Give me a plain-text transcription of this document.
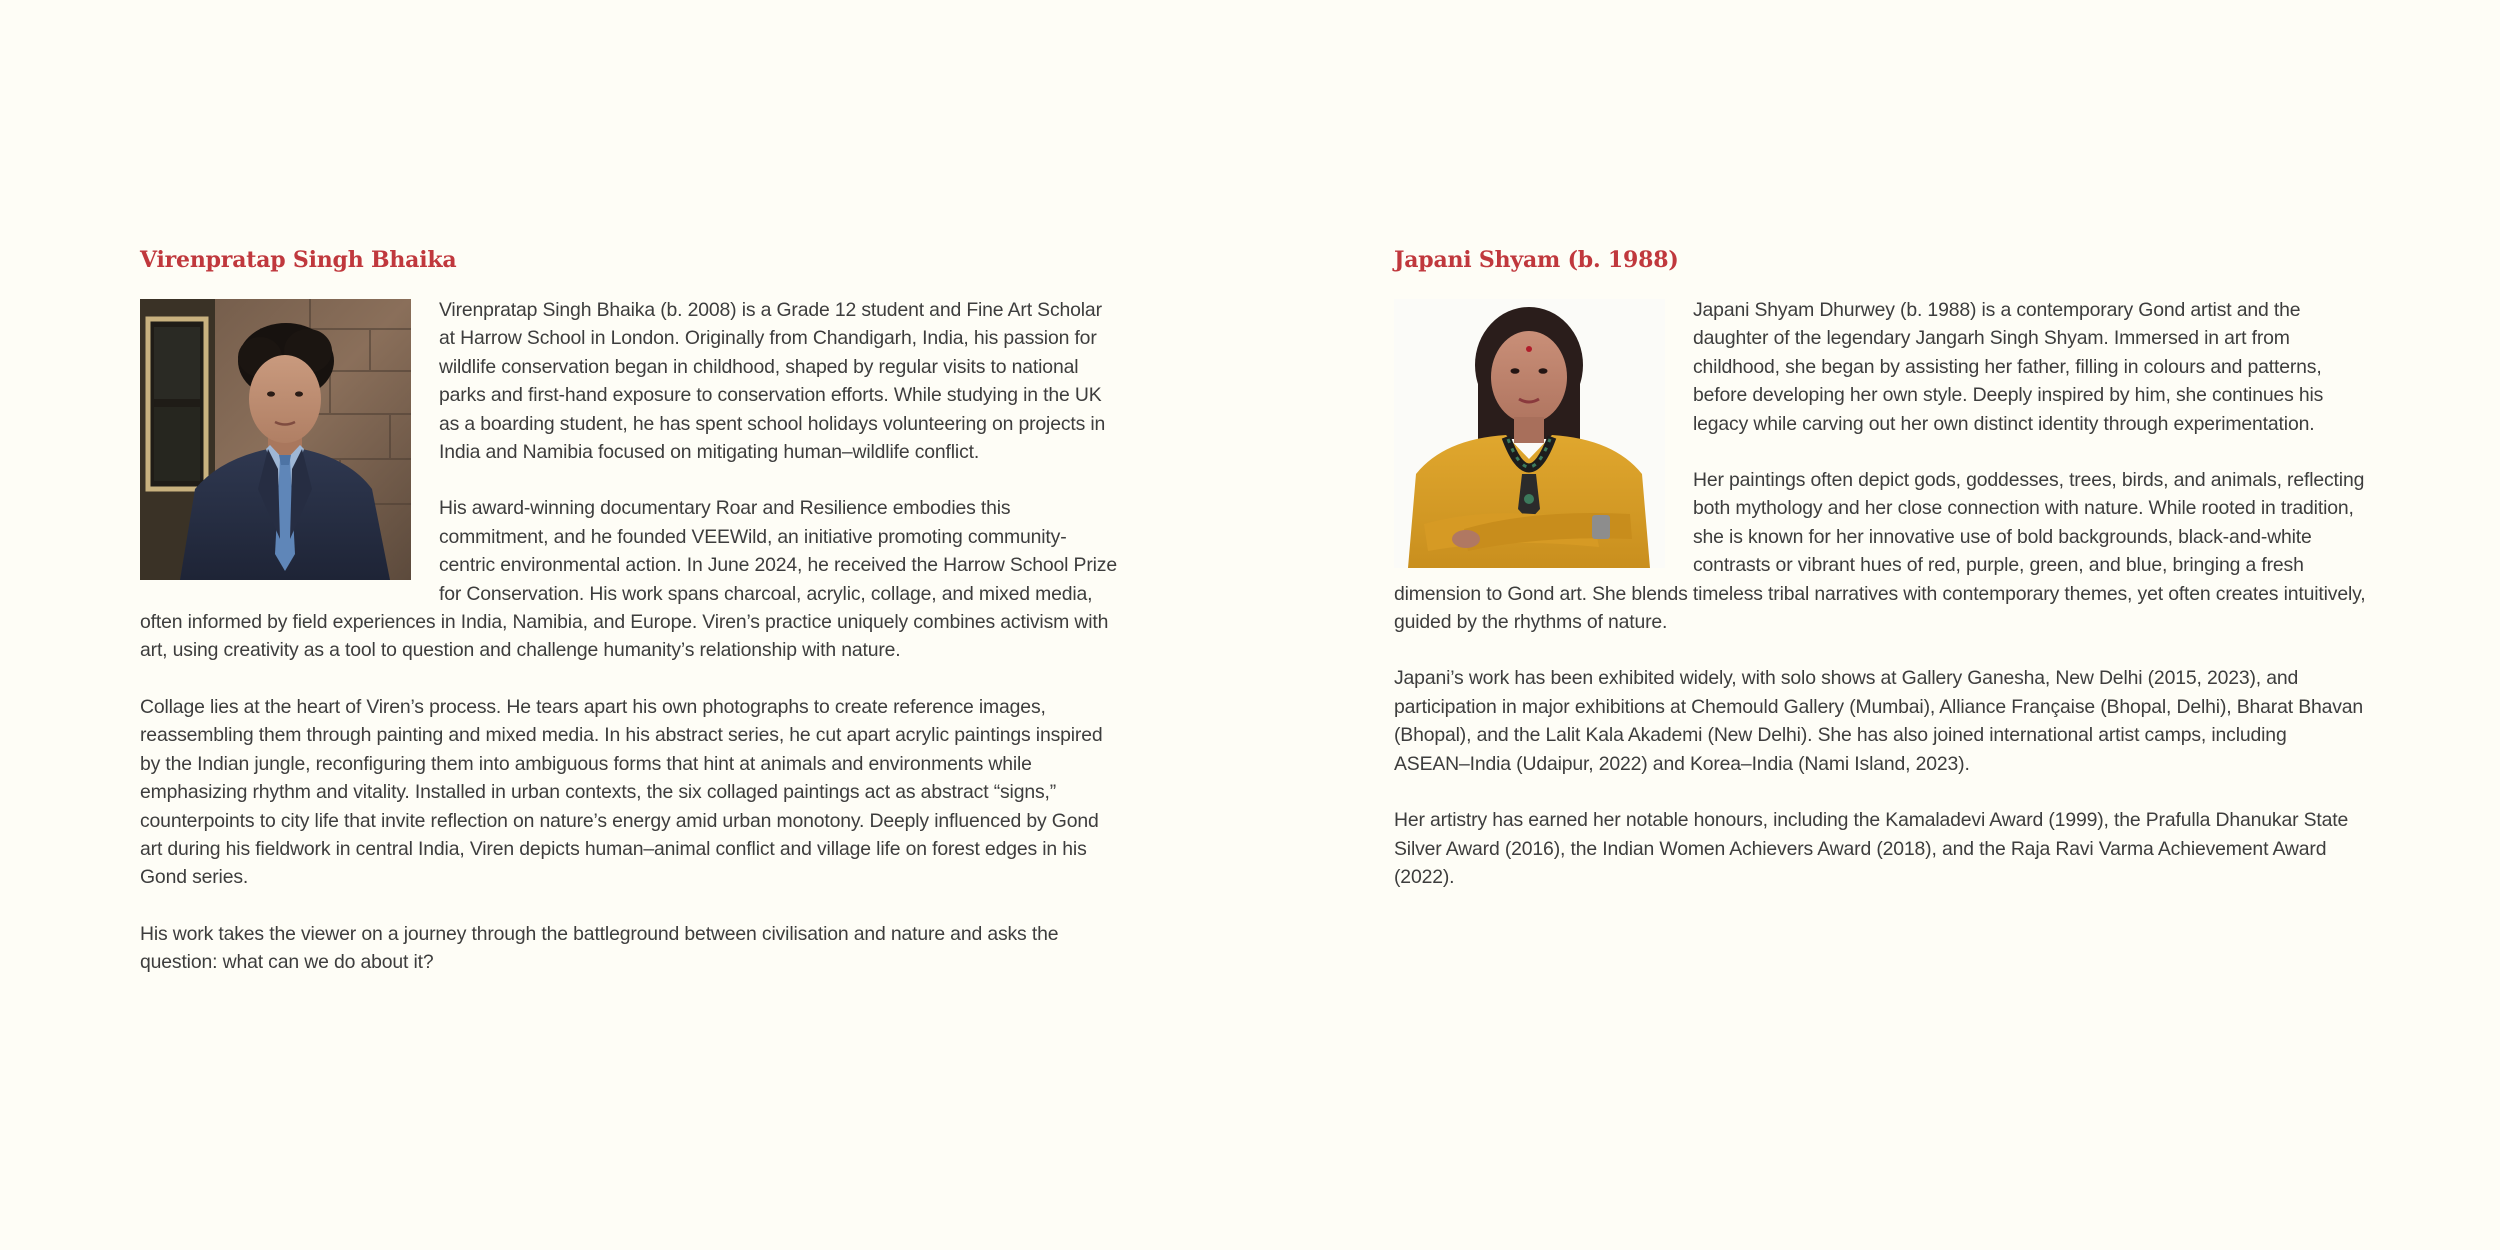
Virenpratap Singh Bhaika

Virenpratap Singh Bhaika (b. 2008) is a Grade 12 student and Fine Art Scholar at Harrow School in London. Originally from Chandigarh, India, his passion for wildlife conservation began in childhood, shaped by regular visits to national parks and first-hand exposure to conservation efforts. While studying in the UK as a boarding student, he has spent school holidays volunteering on projects in India and Namibia focused on mitigating human–wildlife conflict.

His award-winning documentary Roar and Resilience embodies this commitment, and he founded VEEWild, an initiative promoting community-centric environmental action. In June 2024, he received the Harrow School Prize for Conservation. His work spans charcoal, acrylic, collage, and mixed media, often informed by field experiences in India, Namibia, and Europe. Viren’s practice uniquely combines activism with art, using creativity as a tool to question and challenge humanity’s relationship with nature.

Collage lies at the heart of Viren’s process. He tears apart his own photographs to create reference images, reassembling them through painting and mixed media. In his abstract series, he cut apart acrylic paintings inspired by the Indian jungle, reconfiguring them into ambiguous forms that hint at animals and environments while emphasizing rhythm and vitality. Installed in urban contexts, the six collaged paintings act as abstract “signs,” counterpoints to city life that invite reflection on nature’s energy amid urban monotony. Deeply influenced by Gond art during his fieldwork in central India, Viren depicts human–animal conflict and village life on forest edges in his Gond series.

His work takes the viewer on a journey through the battleground between civilisation and nature and asks the question: what can we do about it?

Japani Shyam (b. 1988)

Japani Shyam Dhurwey (b. 1988) is a contemporary Gond artist and the daughter of the legendary Jangarh Singh Shyam. Immersed in art from childhood, she began by assisting her father, filling in colours and patterns, before developing her own style. Deeply inspired by him, she continues his legacy while carving out her own distinct identity through experimentation.

Her paintings often depict gods, goddesses, trees, birds, and animals, reflecting both mythology and her close connection with nature. While rooted in tradition, she is known for her innovative use of bold backgrounds, black-and-white contrasts or vibrant hues of red, purple, green, and blue, bringing a fresh dimension to Gond art. She blends timeless tribal narratives with contemporary themes, yet often creates intuitively, guided by the rhythms of nature.

Japani’s work has been exhibited widely, with solo shows at Gallery Ganesha, New Delhi (2015, 2023), and participation in major exhibitions at Chemould Gallery (Mumbai), Alliance Française (Bhopal, Delhi), Bharat Bhavan (Bhopal), and the Lalit Kala Akademi (New Delhi). She has also joined international artist camps, including ASEAN–India (Udaipur, 2022) and Korea–India (Nami Island, 2023).

Her artistry has earned her notable honours, including the Kamaladevi Award (1999), the Prafulla Dhanukar State Silver Award (2016), the Indian Women Achievers Award (2018), and the Raja Ravi Varma Achievement Award (2022).
